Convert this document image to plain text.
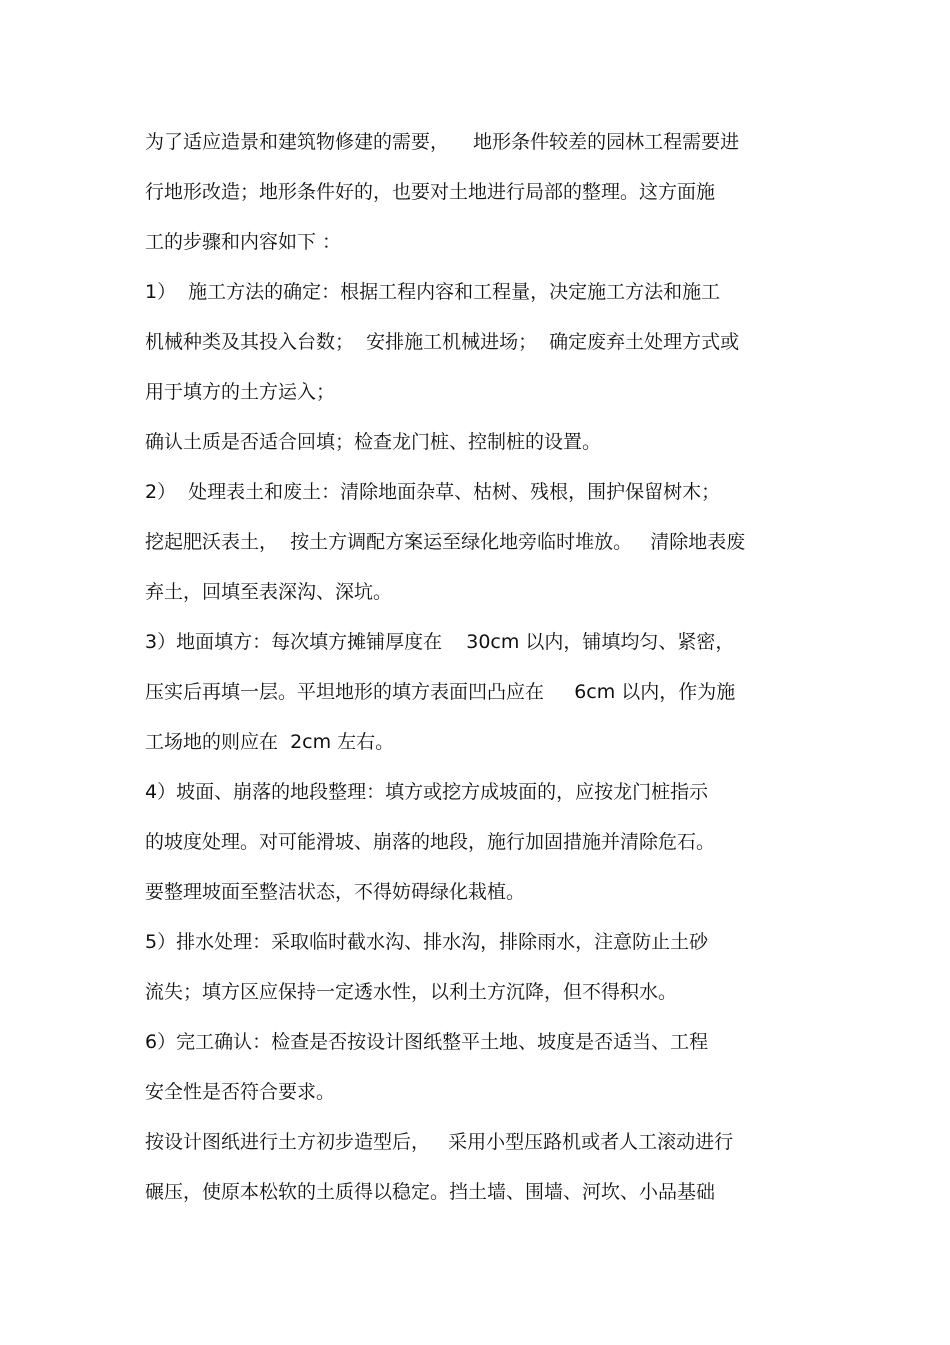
为了适应造景和建筑物修建的需要，    地形条件较差的园林工程需要进
行地形改造；地形条件好的，也要对土地进行局部的整理。这方面施
工的步骤和内容如下 ：
1）  施工方法的确定：根据工程内容和工程量，决定施工方法和施工
机械种类及其投入台数；  安排施工机械进场；  确定废弃土处理方式或
用于填方的土方运入；
确认土质是否适合回填；检查龙门桩、控制桩的设置。
2）  处理表土和废土：清除地面杂草、枯树、残根，围护保留树木；
挖起肥沃表土，  按土方调配方案运至绿化地旁临时堆放。   清除地表废
弃土，回填至表深沟、深坑。
3）地面填方：每次填方摊铺厚度在    30cm 以内，铺填均匀、紧密，
压实后再填一层。平坦地形的填方表面凹凸应在     6cm 以内，作为施
工场地的则应在  2cm 左右。
4）坡面、崩落的地段整理：填方或挖方成坡面的，应按龙门桩指示
的坡度处理。对可能滑坡、崩落的地段，施行加固措施并清除危石。
要整理坡面至整洁状态，不得妨碍绿化栽植。
5）排水处理：采取临时截水沟、排水沟，排除雨水，注意防止土砂
流失；填方区应保持一定透水性，以利土方沉降，但不得积水。
6）完工确认：检查是否按设计图纸整平土地、坡度是否适当、工程
安全性是否符合要求。
按设计图纸进行土方初步造型后，   采用小型压路机或者人工滚动进行
碾压，使原本松软的土质得以稳定。挡土墙、围墙、河坎、小品基础
